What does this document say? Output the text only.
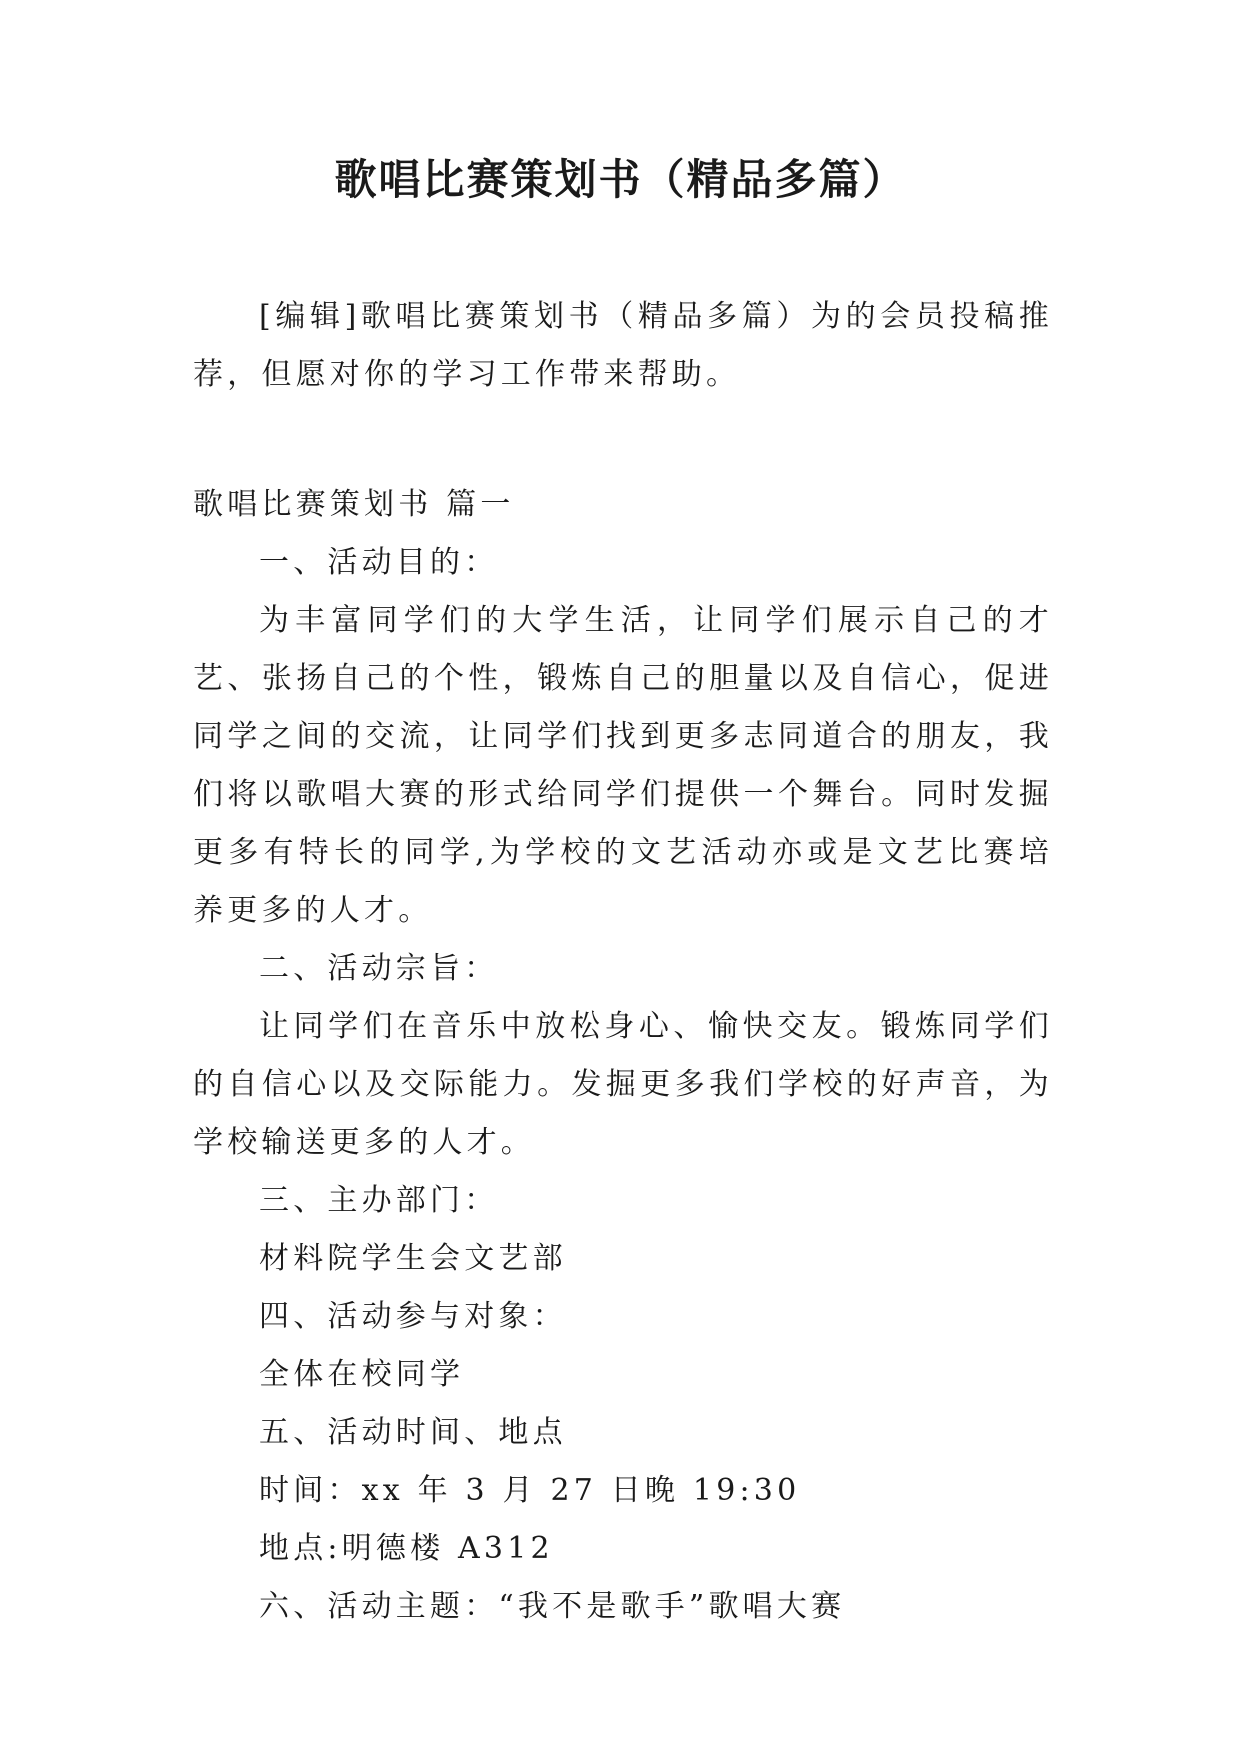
歌唱比赛策划书（精品多篇）

[编辑]歌唱比赛策划书（精品多篇）为的会员投稿推荐，但愿对你的学习工作带来帮助。

歌唱比赛策划书 篇一

一、活动目的：

为丰富同学们的大学生活，让同学们展示自己的才艺、张扬自己的个性，锻炼自己的胆量以及自信心，促进同学之间的交流，让同学们找到更多志同道合的朋友，我们将以歌唱大赛的形式给同学们提供一个舞台。同时发掘更多有特长的同学,为学校的文艺活动亦或是文艺比赛培养更多的人才。

二、活动宗旨：

让同学们在音乐中放松身心、愉快交友。锻炼同学们的自信心以及交际能力。发掘更多我们学校的好声音，为学校输送更多的人才。

三、主办部门：

材料院学生会文艺部

四、活动参与对象：

全体在校同学

五、活动时间、地点

时间：xx 年 3 月 27 日晚 19:30

地点:明德楼 A312

六、活动主题：“我不是歌手”歌唱大赛
